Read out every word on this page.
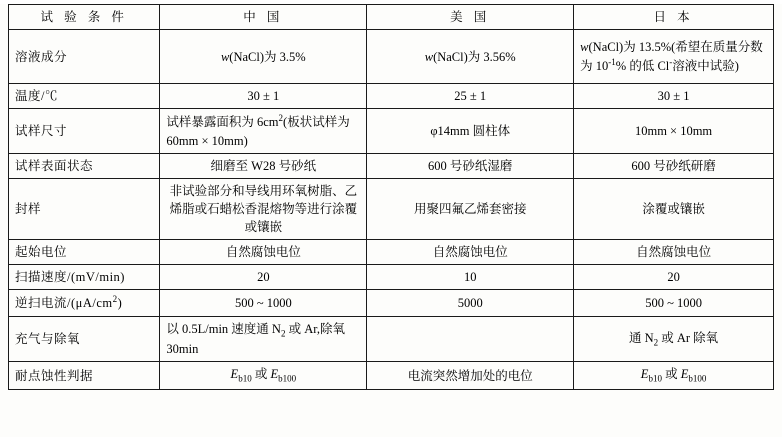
试 验 条 件	中 国	美 国	日 本
溶液成分	w(NaCl)为 3.5%	w(NaCl)为 3.56%	w(NaCl)为 13.5%(希望在质量分数为 $10^{-1}\%$ 的低 Cl-溶液中试验)
温度/℃	30 ± 1	25 ± 1	30 ± 1
试样尺寸	试样暴露面积为 $6cm^2$(板状试样为 60mm × 10mm)	φ14mm 圆柱体	10mm × 10mm
试样表面状态	细磨至 W28 号砂纸	600 号砂纸湿磨	600 号砂纸研磨
封样	非试验部分和导线用环氧树脂、乙烯脂或石蜡松香混熔物等进行涂覆或镶嵌	用聚四氟乙烯套密接	涂覆或镶嵌
起始电位	自然腐蚀电位	自然腐蚀电位	自然腐蚀电位
扫描速度/(mV/min)	20	10	20
逆扫电流$/(\mu A/cm^2)$	500 ~ 1000	5000	500 ~ 1000
充气与除氧	以 0.5L/min 速度通 $N_2$ 或 Ar,除氧 30min		通 $N_2$ 或 Ar 除氧
耐点蚀性判据	$E_{b10}$ 或 $E_{b100}$	电流突然增加处的电位	$E_{b10}$ 或 $E_{b100}$
